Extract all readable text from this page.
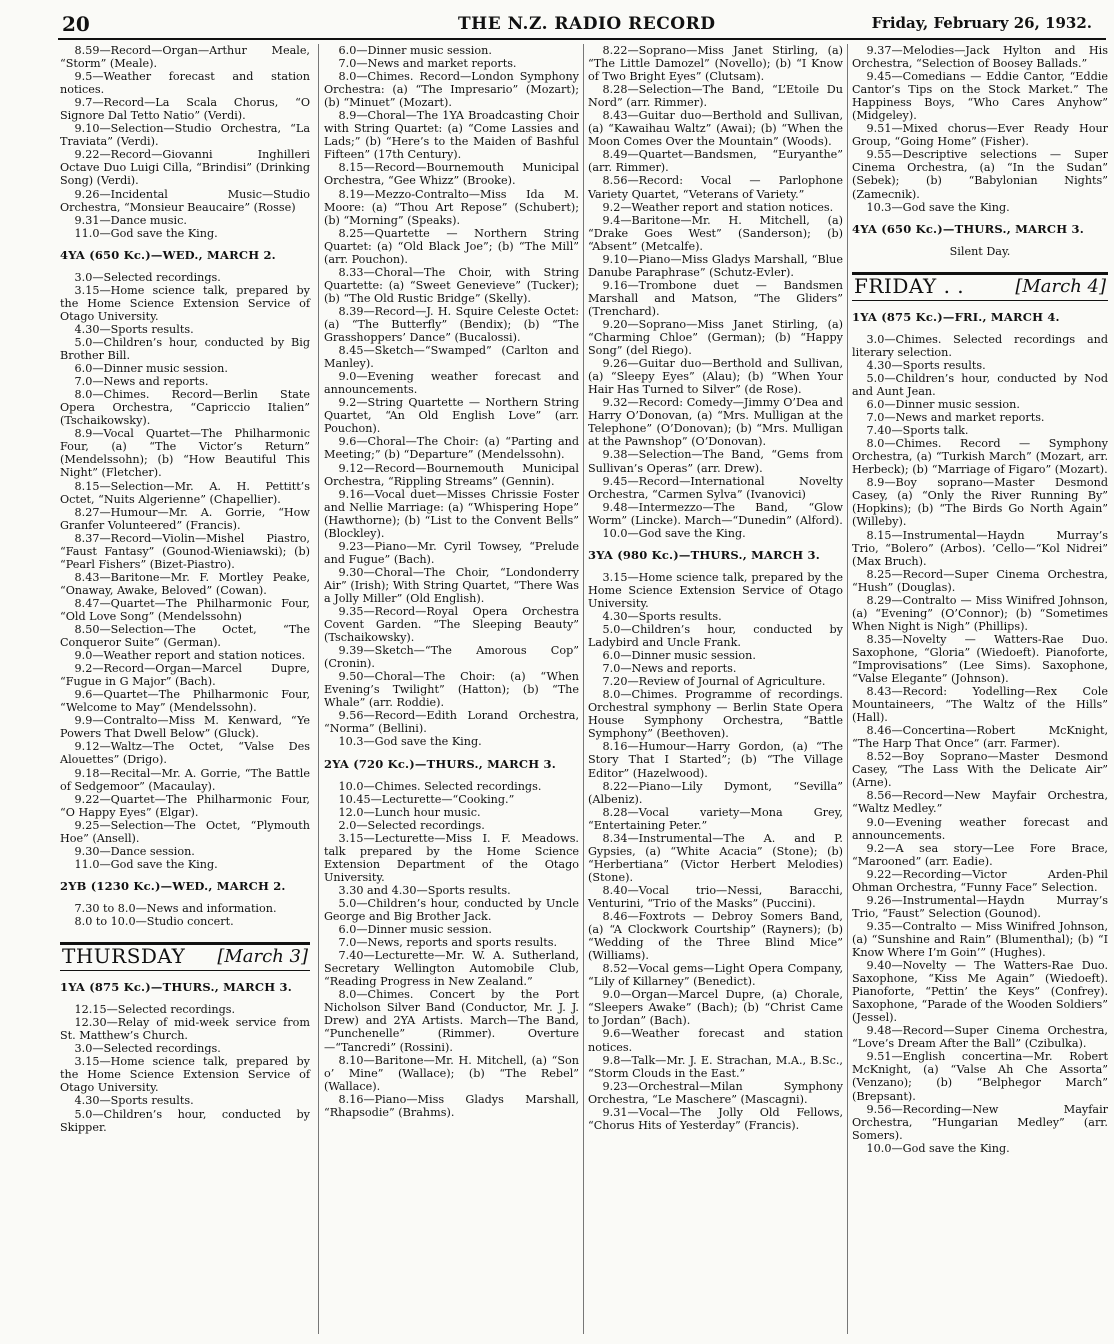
20	THE N.Z. RADIO RECORD	Friday, February 26, 1932.

8.59—Record—Organ—Arthur Meale, “Storm” (Meale).

9.5—Weather forecast and station notices.

9.7—Record—La Scala Chorus, “O Signore Dal Tetto Natio” (Verdi).

9.10—Selection—Studio Orchestra, “La Traviata” (Verdi).

9.22—Record—Giovanni Inghilleri Octave Duo Luigi Cilla, “Brindisi” (Drinking Song) (Verdi).

9.26—Incidental Music—Studio Orchestra, “Monsieur Beaucaire” (Rosse)

9.31—Dance music.

11.0—God save the King.

4YA (650 Kc.)—WED., MARCH 2.

3.0—Selected recordings.

3.15—Home science talk, prepared by the Home Science Extension Service of Otago University.

4.30—Sports results.

5.0—Children’s hour, conducted by Big Brother Bill.

6.0—Dinner music session.

7.0—News and reports.

8.0—Chimes. Record—Berlin State Opera Orchestra, “Capriccio Italien” (Tschaikowsky).

8.9—Vocal Quartet—The Philharmonic Four, (a) “The Victor’s Return” (Mendelssohn); (b) “How Beautiful This Night” (Fletcher).

8.15—Selection—Mr. A. H. Pettitt’s Octet, “Nuits Algerienne” (Chapellier).

8.27—Humour—Mr. A. Gorrie, “How Granfer Volunteered” (Francis).

8.37—Record—Violin—Mishel Piastro, “Faust Fantasy” (Gounod-Wieniawski); (b) “Pearl Fishers” (Bizet-Piastro).

8.43—Baritone—Mr. F. Mortley Peake, “Onaway, Awake, Beloved” (Cowan).

8.47—Quartet—The Philharmonic Four, “Old Love Song” (Mendelssohn)

8.50—Selection—The Octet, “The Conqueror Suite” (German).

9.0—Weather report and station notices.

9.2—Record—Organ—Marcel Dupre, “Fugue in G Major” (Bach).

9.6—Quartet—The Philharmonic Four, “Welcome to May” (Mendelssohn).

9.9—Contralto—Miss M. Kenward, “Ye Powers That Dwell Below” (Gluck).

9.12—Waltz—The Octet, “Valse Des Alouettes” (Drigo).

9.18—Recital—Mr. A. Gorrie, “The Battle of Sedgemoor” (Macaulay).

9.22—Quartet—The Philharmonic Four, “O Happy Eyes” (Elgar).

9.25—Selection—The Octet, “Plymouth Hoe” (Ansell).

9.30—Dance session.

11.0—God save the King.

2YB (1230 Kc.)—WED., MARCH 2.

7.30 to 8.0—News and information.

8.0 to 10.0—Studio concert.

THURSDAY [March 3]
1YA (875 Kc.)—THURS., MARCH 3.

12.15—Selected recordings.

12.30—Relay of mid-week service from St. Matthew’s Church.

3.0—Selected recordings.

3.15—Home science talk, prepared by the Home Science Extension Service of Otago University.

4.30—Sports results.

5.0—Children’s hour, conducted by Skipper.

6.0—Dinner music session.

7.0—News and market reports.

8.0—Chimes. Record—London Symphony Orchestra: (a) “The Impresario” (Mozart); (b) “Minuet” (Mozart).

8.9—Choral—The 1YA Broadcasting Choir with String Quartet: (a) “Come Lassies and Lads;” (b) “Here’s to the Maiden of Bashful Fifteen” (17th Century).

8.15—Record—Bournemouth Municipal Orchestra, “Gee Whizz” (Brooke).

8.19—Mezzo-Contralto—Miss Ida M. Moore: (a) “Thou Art Repose” (Schubert); (b) “Morning” (Speaks).

8.25—Quartette — Northern String Quartet: (a) “Old Black Joe”; (b) “The Mill” (arr. Pouchon).

8.33—Choral—The Choir, with String Quartette: (a) “Sweet Genevieve” (Tucker); (b) “The Old Rustic Bridge” (Skelly).

8.39—Record—J. H. Squire Celeste Octet: (a) “The Butterfly” (Bendix); (b) “The Grasshoppers’ Dance” (Bucalossi).

8.45—Sketch—“Swamped” (Carlton and Manley).

9.0—Evening weather forecast and announcements.

9.2—String Quartette — Northern String Quartet, “An Old English Love” (arr. Pouchon).

9.6—Choral—The Choir: (a) “Parting and Meeting;” (b) “Departure” (Mendelssohn).

9.12—Record—Bournemouth Municipal Orchestra, “Rippling Streams” (Gennin).

9.16—Vocal duet—Misses Chrissie Foster and Nellie Marriage: (a) “Whispering Hope” (Hawthorne); (b) “List to the Convent Bells” (Blockley).

9.23—Piano—Mr. Cyril Towsey, “Prelude and Fugue” (Bach).

9.30—Choral—The Choir, “Londonderry Air” (Irish); With String Quartet, “There Was a Jolly Miller” (Old English).

9.35—Record—Royal Opera Orchestra Covent Garden. “The Sleeping Beauty” (Tschaikowsky).

9.39—Sketch—“The Amorous Cop” (Cronin).

9.50—Choral—The Choir: (a) “When Evening’s Twilight” (Hatton); (b) “The Whale” (arr. Roddie).

9.56—Record—Edith Lorand Orchestra, “Norma” (Bellini).

10.3—God save the King.

2YA (720 Kc.)—THURS., MARCH 3.

10.0—Chimes. Selected recordings.

10.45—Lecturette—“Cooking.”

12.0—Lunch hour music.

2.0—Selected recordings.

3.15—Lecturette—Miss I. F. Meadows. talk prepared by the Home Science Extension Department of the Otago University.

3.30 and 4.30—Sports results.

5.0—Children’s hour, conducted by Uncle George and Big Brother Jack.

6.0—Dinner music session.

7.0—News, reports and sports results.

7.40—Lecturette—Mr. W. A. Sutherland, Secretary Wellington Automobile Club, “Reading Progress in New Zealand.”

8.0—Chimes. Concert by the Port Nicholson Silver Band (Conductor, Mr. J. J. Drew) and 2YA Artists. March—The Band, “Punchenelle” (Rimmer). Overture—“Tancredi” (Rossini).

8.10—Baritone—Mr. H. Mitchell, (a) “Son o’ Mine” (Wallace); (b) “The Rebel” (Wallace).

8.16—Piano—Miss Gladys Marshall, “Rhapsodie” (Brahms).

8.22—Soprano—Miss Janet Stirling, (a) “The Little Damozel” (Novello); (b) “I Know of Two Bright Eyes” (Clutsam).

8.28—Selection—The Band, “L’Etoile Du Nord” (arr. Rimmer).

8.43—Guitar duo—Berthold and Sullivan, (a) “Kawaihau Waltz” (Awai); (b) “When the Moon Comes Over the Mountain” (Woods).

8.49—Quartet—Bandsmen, “Euryanthe” (arr. Rimmer).

8.56—Record: Vocal — Parlophone Variety Quartet, “Veterans of Variety.”

9.2—Weather report and station notices.

9.4—Baritone—Mr. H. Mitchell, (a) “Drake Goes West” (Sanderson); (b) “Absent” (Metcalfe).

9.10—Piano—Miss Gladys Marshall, “Blue Danube Paraphrase” (Schutz-Evler).

9.16—Trombone duet — Bandsmen Marshall and Matson, “The Gliders” (Trenchard).

9.20—Soprano—Miss Janet Stirling, (a) “Charming Chloe” (German); (b) “Happy Song” (del Riego).

9.26—Guitar duo—Berthold and Sullivan, (a) “Sleepy Eyes” (Alau); (b) “When Your Hair Has Turned to Silver” (de Rose).

9.32—Record: Comedy—Jimmy O’Dea and Harry O’Donovan, (a) “Mrs. Mulligan at the Telephone” (O’Donovan); (b) “Mrs. Mulligan at the Pawnshop” (O’Donovan).

9.38—Selection—The Band, “Gems from Sullivan’s Operas” (arr. Drew).

9.45—Record—International Novelty Orchestra, “Carmen Sylva” (Ivanovici)

9.48—Intermezzo—The Band, “Glow Worm” (Lincke). March—“Dunedin” (Alford).

10.0—God save the King.

3YA (980 Kc.)—THURS., MARCH 3.

3.15—Home science talk, prepared by the Home Science Extension Service of Otago University.

4.30—Sports results.

5.0—Children’s hour, conducted by Ladybird and Uncle Frank.

6.0—Dinner music session.

7.0—News and reports.

7.20—Review of Journal of Agriculture.

8.0—Chimes. Programme of recordings. Orchestral symphony — Berlin State Opera House Symphony Orchestra, “Battle Symphony” (Beethoven).

8.16—Humour—Harry Gordon, (a) “The Story That I Started”; (b) “The Village Editor” (Hazelwood).

8.22—Piano—Lily Dymont, “Sevilla” (Albeniz).

8.28—Vocal variety—Mona Grey, “Entertaining Peter.”

8.34—Instrumental—The A. and P. Gypsies, (a) “White Acacia” (Stone); (b) “Herbertiana” (Victor Herbert Melodies) (Stone).

8.40—Vocal trio—Nessi, Baracchi, Venturini, “Trio of the Masks” (Puccini).

8.46—Foxtrots — Debroy Somers Band, (a) “A Clockwork Courtship” (Rayners); (b) “Wedding of the Three Blind Mice” (Williams).

8.52—Vocal gems—Light Opera Company, “Lily of Killarney” (Benedict).

9.0—Organ—Marcel Dupre, (a) Chorale, “Sleepers Awake” (Bach); (b) “Christ Came to Jordan” (Bach).

9.6—Weather forecast and station notices.

9.8—Talk—Mr. J. E. Strachan, M.A., B.Sc., “Storm Clouds in the East.”

9.23—Orchestral—Milan Symphony Orchestra, “Le Maschere” (Mascagni).

9.31—Vocal—The Jolly Old Fellows, “Chorus Hits of Yesterday” (Francis).

9.37—Melodies—Jack Hylton and His Orchestra, “Selection of Boosey Ballads.”

9.45—Comedians — Eddie Cantor, “Eddie Cantor’s Tips on the Stock Market.” The Happiness Boys, “Who Cares Anyhow” (Midgeley).

9.51—Mixed chorus—Ever Ready Hour Group, “Going Home” (Fisher).

9.55—Descriptive selections — Super Cinema Orchestra, (a) “In the Sudan” (Sebek); (b) “Babylonian Nights” (Zamecnik).

10.3—God save the King.

4YA (650 Kc.)—THURS., MARCH 3.

Silent Day.

FRIDAY . .	[March 4]
1YA (875 Kc.)—FRI., MARCH 4.

3.0—Chimes. Selected recordings and literary selection.

4.30—Sports results.

5.0—Children’s hour, conducted by Nod and Aunt Jean.

6.0—Dinner music session.

7.0—News and market reports.

7.40—Sports talk.

8.0—Chimes. Record — Symphony Orchestra, (a) “Turkish March” (Mozart, arr. Herbeck); (b) “Marriage of Figaro” (Mozart).

8.9—Boy soprano—Master Desmond Casey, (a) “Only the River Running By” (Hopkins); (b) “The Birds Go North Again” (Willeby).

8.15—Instrumental—Haydn Murray’s Trio, “Bolero” (Arbos). ’Cello—“Kol Nidrei” (Max Bruch).

8.25—Record—Super Cinema Orchestra, “Hush” (Douglas).

8.29—Contralto — Miss Winifred Johnson, (a) “Evening” (O’Connor); (b) “Sometimes When Night is Nigh” (Phillips).

8.35—Novelty — Watters-Rae Duo. Saxophone, “Gloria” (Wiedoeft). Pianoforte, “Improvisations” (Lee Sims). Saxophone, “Valse Elegante” (Johnson).

8.43—Record: Yodelling—Rex Cole Mountaineers, “The Waltz of the Hills” (Hall).

8.46—Concertina—Robert McKnight, “The Harp That Once” (arr. Farmer).

8.52—Boy Soprano—Master Desmond Casey, “The Lass With the Delicate Air” (Arne).

8.56—Record—New Mayfair Orchestra, “Waltz Medley.”

9.0—Evening weather forecast and announcements.

9.2—A sea story—Lee Fore Brace, “Marooned” (arr. Eadie).

9.22—Recording—Victor Arden-Phil Ohman Orchestra, “Funny Face” Selection.

9.26—Instrumental—Haydn Murray’s Trio, “Faust” Selection (Gounod).

9.35—Contralto — Miss Winifred Johnson, (a) “Sunshine and Rain” (Blumenthal); (b) “I Know Where I’m Goin’” (Hughes).

9.40—Novelty — The Watters-Rae Duo. Saxophone, “Kiss Me Again” (Wiedoeft). Pianoforte, “Pettin’ the Keys” (Confrey). Saxophone, “Parade of the Wooden Soldiers” (Jessel).

9.48—Record—Super Cinema Orchestra, “Love’s Dream After the Ball” (Czibulka).

9.51—English concertina—Mr. Robert McKnight, (a) “Valse Ah Che Assorta” (Venzano); (b) “Belphegor March” (Brepsant).

9.56—Recording—New Mayfair Orchestra, “Hungarian Medley” (arr. Somers).

10.0—God save the King.
